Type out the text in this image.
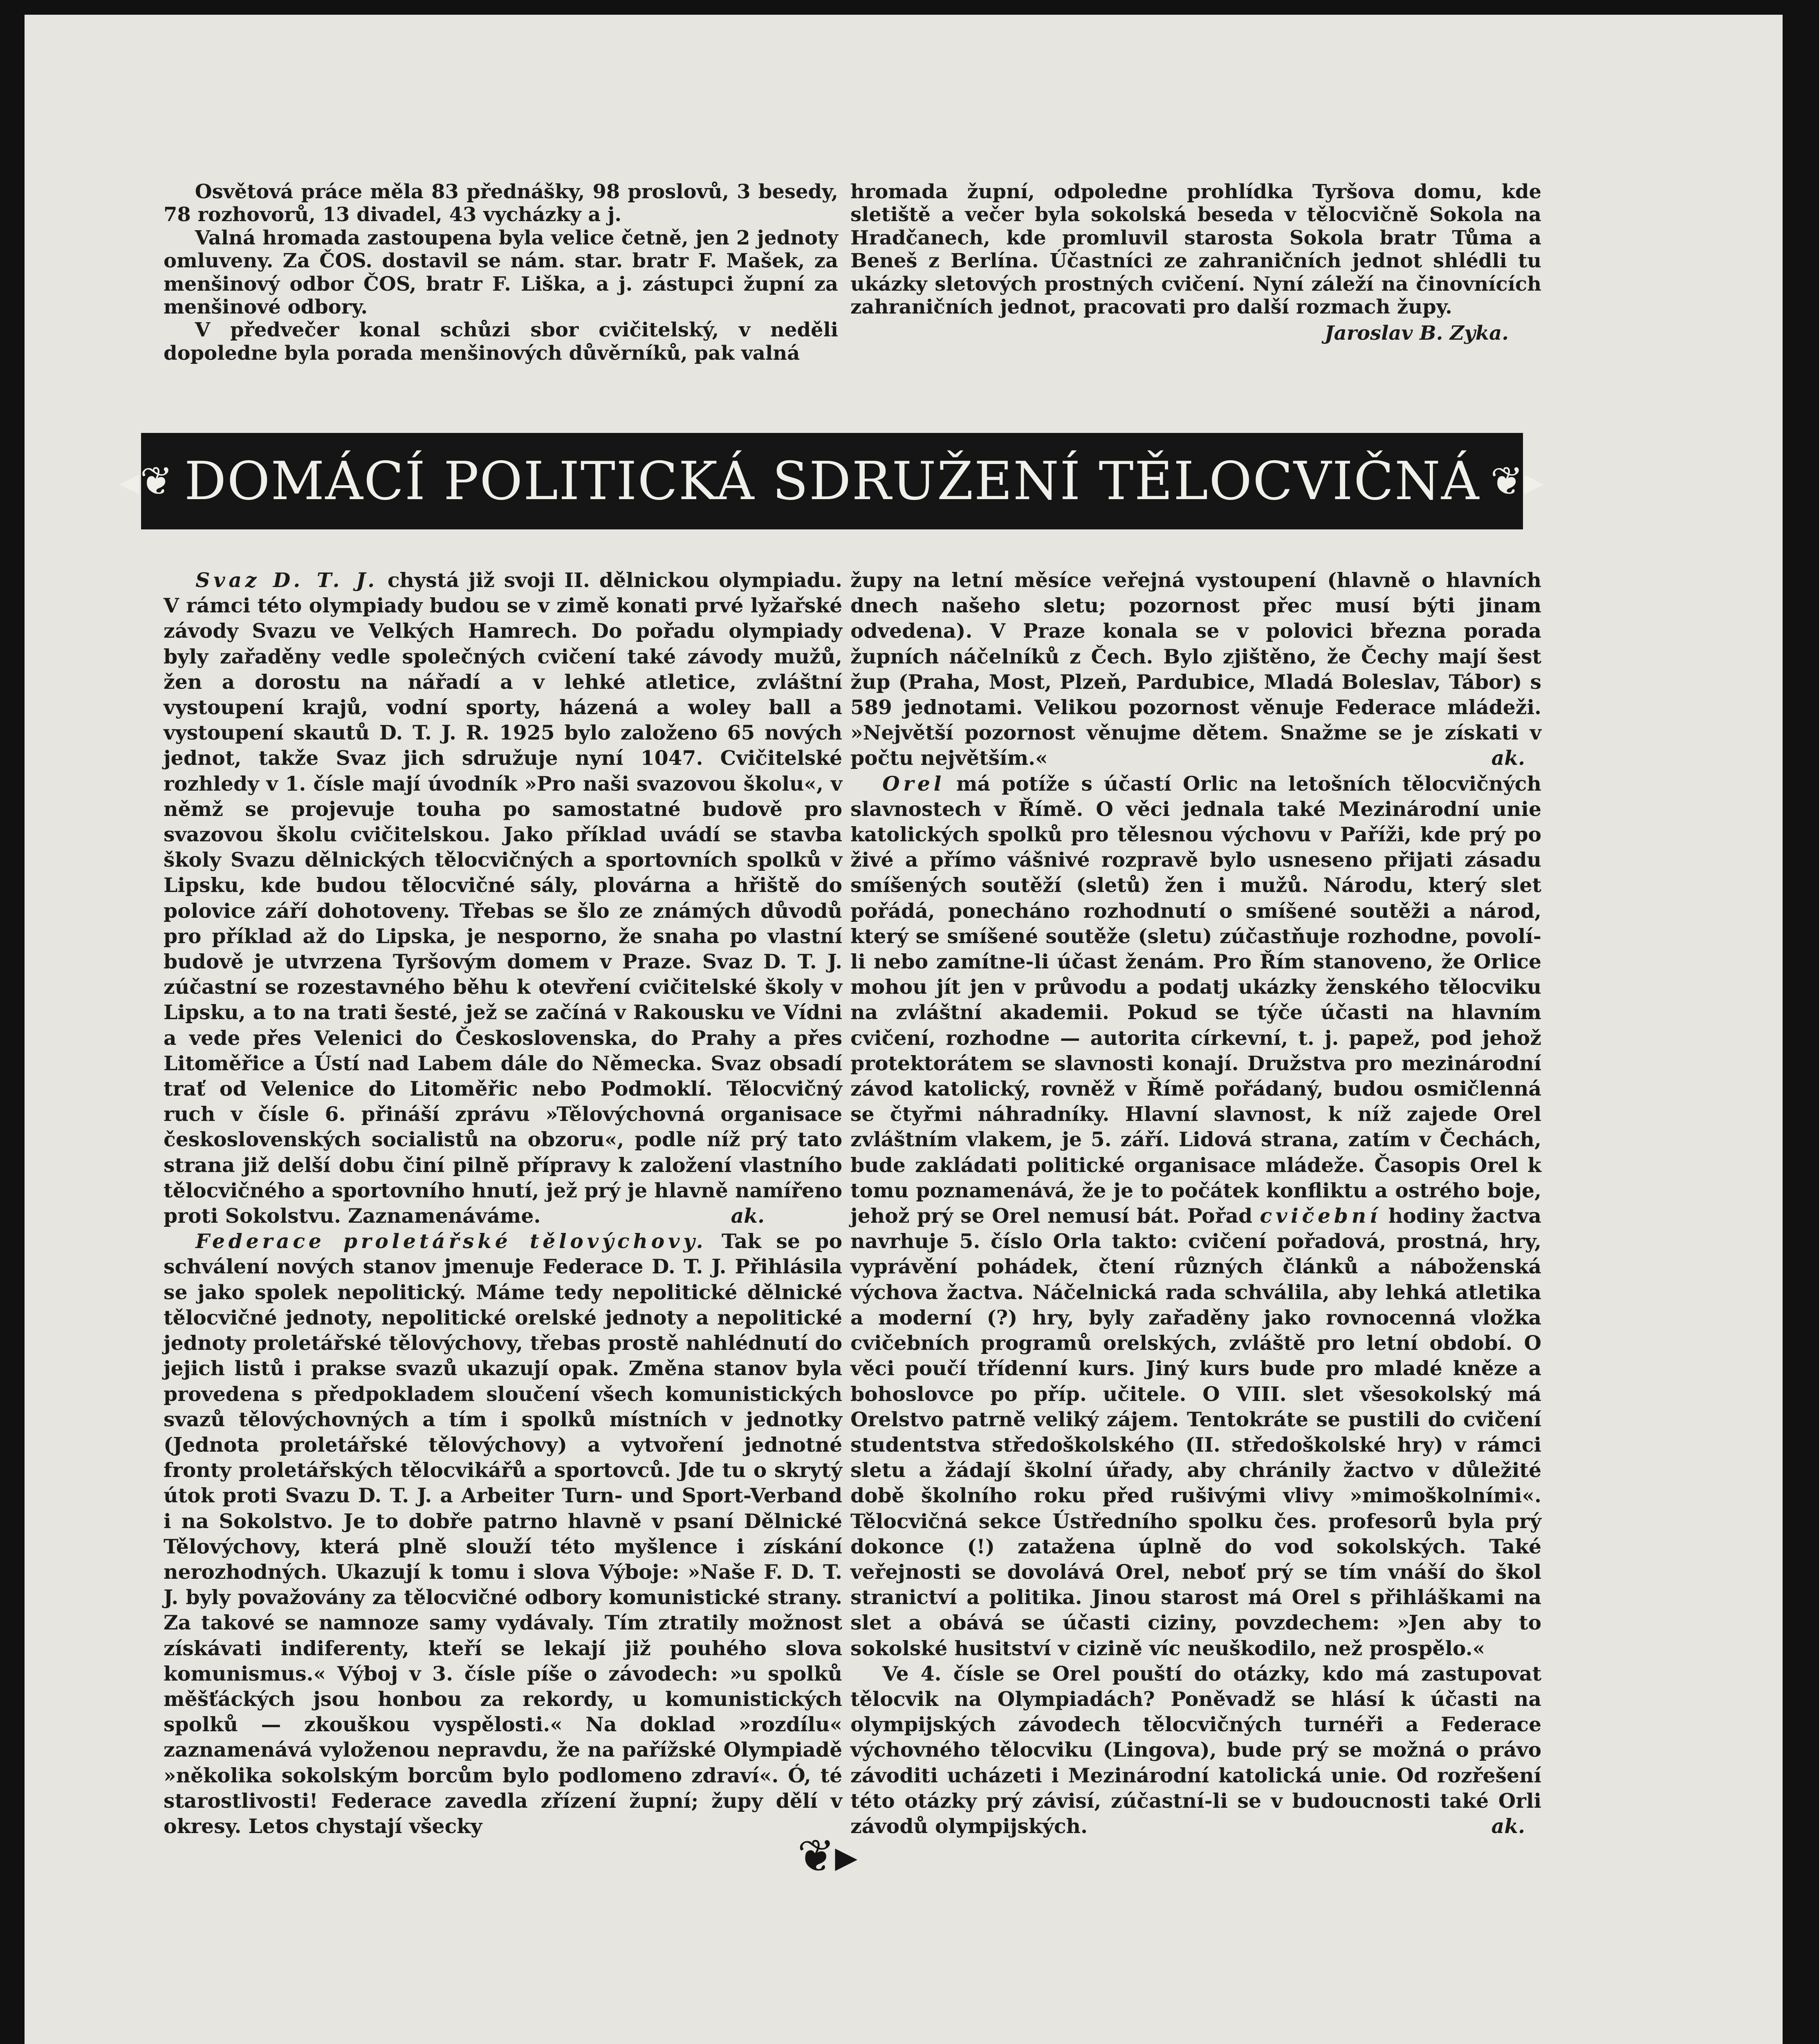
Osvětová práce měla 83 přednášky, 98 proslovů, 3 besedy, 78 rozhovorů, 13 divadel, 43 vycházky a j.

Valná hromada zastoupena byla velice četně, jen 2 jednoty omluveny. Za ČOS. dostavil se nám. star. bratr F. Mašek, za menšinový odbor ČOS, bratr F. Liška, a j. zástupci župní za menšinové odbory.

V předvečer konal schůzi sbor cvičitelský, v neděli dopoledne byla porada menšinových důvěrníků, pak valná

hromada župní, odpoledne prohlídka Tyršova domu, kde sletiště a večer byla sokolská beseda v tělocvičně Sokola na Hradčanech, kde promluvil starosta Sokola bratr Tůma a Beneš z Berlína. Účastníci ze zahraničních jednot shlédli tu ukázky sletových prostných cvičení. Nyní záleží na činovnících zahraničních jednot, pracovati pro další rozmach župy.

Jaroslav B. Zyka.
◂❦ DOMÁCÍ POLITICKÁ SDRUŽENÍ TĚLOCVIČNÁ ❦▸

Svaz D. T. J. chystá již svoji II. dělnickou olympiadu. V rámci této olympiady budou se v zimě konati prvé lyžařské závody Svazu ve Velkých Hamrech. Do pořadu olympiady byly zařaděny vedle společných cvičení také závody mužů, žen a dorostu na nářadí a v lehké atletice, zvláštní vystoupení krajů, vodní sporty, házená a woley ball a vystoupení skautů D. T. J. R. 1925 bylo založeno 65 nových jednot, takže Svaz jich sdružuje nyní 1047. Cvičitelské rozhledy v 1. čísle mají úvodník »Pro naši svazovou školu«, v němž se projevuje touha po samostatné budově pro svazovou školu cvičitelskou. Jako příklad uvádí se stavba školy Svazu dělnických tělocvičných a sportovních spolků v Lipsku, kde budou tělocvičné sály, plovárna a hřiště do polovice září dohotoveny. Třebas se šlo ze známých důvodů pro příklad až do Lipska, je nesporno, že snaha po vlastní budově je utvrzena Tyršovým domem v Praze. Svaz D. T. J. zúčastní se rozestavného běhu k otevření cvičitelské školy v Lipsku, a to na trati šesté, jež se začíná v Rakousku ve Vídni a vede přes Velenici do Československa, do Prahy a přes Litoměřice a Ústí nad Labem dále do Německa. Svaz obsadí trať od Velenice do Litoměřic nebo Podmoklí. Tělocvičný ruch v čísle 6. přináší zprávu »Tělovýchovná organisace československých socialistů na obzoru«, podle níž prý tato strana již delší dobu činí pilně přípravy k založení vlastního tělocvičného a sportovního hnutí, jež prý je hlavně namířeno proti Sokolstvu. Zaznamenáváme.	ak.

Federace proletářské tělovýchovy. Tak se po schválení nových stanov jmenuje Federace D. T. J. Přihlásila se jako spolek nepolitický. Máme tedy nepolitické dělnické tělocvičné jednoty, nepolitické orelské jednoty a nepolitické jednoty proletářské tělovýchovy, třebas prostě nahlédnutí do jejich listů i prakse svazů ukazují opak. Změna stanov byla provedena s předpokladem sloučení všech komunistických svazů tělovýchovných a tím i spolků místních v jednotky (Jednota proletářské tělovýchovy) a vytvoření jednotné fronty proletářských tělocvikářů a sportovců. Jde tu o skrytý útok proti Svazu D. T. J. a Arbeiter Turn- und Sport-Verband i na Sokolstvo. Je to dobře patrno hlavně v psaní Dělnické Tělovýchovy, která plně slouží této myšlence i získání nerozhodných. Ukazují k tomu i slova Výboje: »Naše F. D. T. J. byly považovány za tělocvičné odbory komunistické strany. Za takové se namnoze samy vydávaly. Tím ztratily možnost získávati indiferenty, kteří se lekají již pouhého slova komunismus.« Výboj v 3. čísle píše o závodech: »u spolků měšťáckých jsou honbou za rekordy, u komunistických spolků — zkouškou vyspělosti.« Na doklad »rozdílu« zaznamenává vyloženou nepravdu, že na pařížské Olympiadě »několika sokolským borcům bylo podlomeno zdraví«. Ó, té starostlivosti! Federace zavedla zřízení župní; župy dělí v okresy. Letos chystají všecky

župy na letní měsíce veřejná vystoupení (hlavně o hlavních dnech našeho sletu; pozornost přec musí býti jinam odvedena). V Praze konala se v polovici března porada župních náčelníků z Čech. Bylo zjištěno, že Čechy mají šest žup (Praha, Most, Plzeň, Pardubice, Mladá Boleslav, Tábor) s 589 jednotami. Velikou pozornost věnuje Federace mládeži. »Největší pozornost věnujme dětem. Snažme se je získati v počtu největším.«	ak.

Orel má potíže s účastí Orlic na letošních tělocvičných slavnostech v Římě. O věci jednala také Mezinárodní unie katolických spolků pro tělesnou výchovu v Paříži, kde prý po živé a přímo vášnivé rozpravě bylo usneseno přijati zásadu smíšených soutěží (sletů) žen i mužů. Národu, který slet pořádá, ponecháno rozhodnutí o smíšené soutěži a národ, který se smíšené soutěže (sletu) zúčastňuje rozhodne, povolí-li nebo zamítne-li účast ženám. Pro Řím stanoveno, že Orlice mohou jít jen v průvodu a podatj ukázky ženského tělocviku na zvláštní akademii. Pokud se týče účasti na hlavním cvičení, rozhodne — autorita církevní, t. j. papež, pod jehož protektorátem se slavnosti konají. Družstva pro mezinárodní závod katolický, rovněž v Římě pořádaný, budou osmičlenná se čtyřmi náhradníky. Hlavní slavnost, k níž zajede Orel zvláštním vlakem, je 5. září. Lidová strana, zatím v Čechách, bude zakládati politické organisace mládeže. Časopis Orel k tomu poznamenává, že je to počátek konfliktu a ostrého boje, jehož prý se Orel nemusí bát. Pořad cvičební hodiny žactva navrhuje 5. číslo Orla takto: cvičení pořadová, prostná, hry, vyprávění pohádek, čtení různých článků a náboženská výchova žactva. Náčelnická rada schválila, aby lehká atletika a moderní (?) hry, byly zařaděny jako rovnocenná vložka cvičebních programů orelských, zvláště pro letní období. O věci poučí třídenní kurs. Jiný kurs bude pro mladé kněze a bohoslovce po příp. učitele. O VIII. slet všesokolský má Orelstvo patrně veliký zájem. Tentokráte se pustili do cvičení studentstva středoškolského (II. středoškolské hry) v rámci sletu a žádají školní úřady, aby chránily žactvo v důležité době školního roku před rušivými vlivy »mimoškolními«. Tělocvičná sekce Ústředního spolku čes. profesorů byla prý dokonce (!) zatažena úplně do vod sokolských. Také veřejnosti se dovolává Orel, neboť prý se tím vnáší do škol stranictví a politika. Jinou starost má Orel s přihláškami na slet a obává se účasti ciziny, povzdechem: »Jen aby to sokolské husitství v cizině víc neuškodilo, než prospělo.«

Ve 4. čísle se Orel pouští do otázky, kdo má zastupovat tělocvik na Olympiadách? Poněvadž se hlásí k účasti na olympijských závodech tělocvičných turnéři a Federace výchovného tělocviku (Lingova), bude prý se možná o právo závoditi ucházeti i Mezinárodní katolická unie. Od rozřešení této otázky prý závisí, zúčastní-li se v budoucnosti také Orli závodů olympijských.	ak.

❦▸
